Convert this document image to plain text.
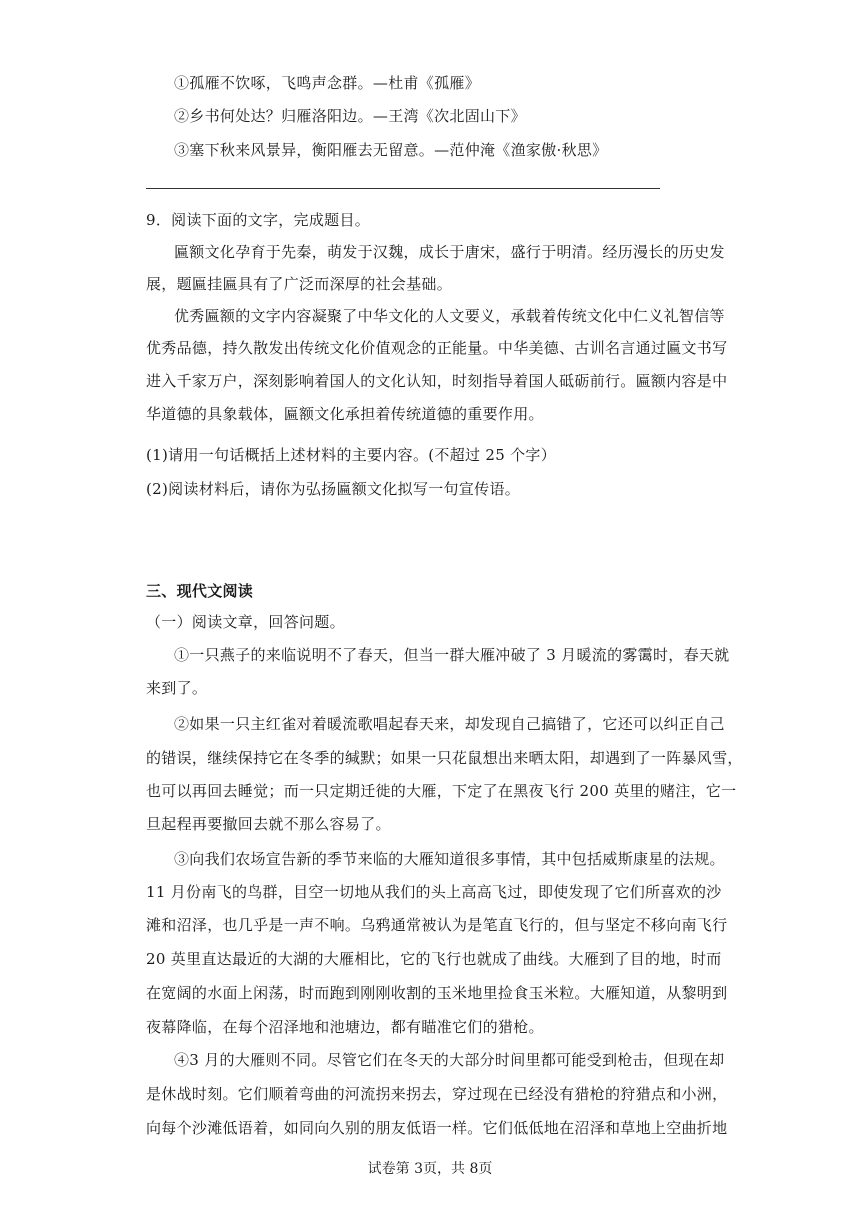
①孤雁不饮啄，飞鸣声念群。—杜甫《孤雁》
②乡书何处达？归雁洛阳边。—王湾《次北固山下》
③塞下秋来风景异，衡阳雁去无留意。—范仲淹《渔家傲·秋思》
9．阅读下面的文字，完成题目。
匾额文化孕育于先秦，萌发于汉魏，成长于唐宋，盛行于明清。经历漫长的历史发
展，题匾挂匾具有了广泛而深厚的社会基础。
优秀匾额的文字内容凝聚了中华文化的人文要义，承载着传统文化中仁义礼智信等
优秀品德，持久散发出传统文化价值观念的正能量。中华美德、古训名言通过匾文书写
进入千家万户，深刻影响着国人的文化认知，时刻指导着国人砥砺前行。匾额内容是中
华道德的具象载体，匾额文化承担着传统道德的重要作用。
(1)请用一句话概括上述材料的主要内容。(不超过 25 个字）
(2)阅读材料后，请你为弘扬匾额文化拟写一句宣传语。
三、现代文阅读
（一）阅读文章，回答问题。
①一只燕子的来临说明不了春天，但当一群大雁冲破了 3 月暖流的雾霭时，春天就
来到了。
②如果一只主红雀对着暖流歌唱起春天来，却发现自己搞错了，它还可以纠正自己
的错误，继续保持它在冬季的缄默；如果一只花鼠想出来晒太阳，却遇到了一阵暴风雪，
也可以再回去睡觉；而一只定期迁徙的大雁，下定了在黑夜飞行 200 英里的赌注，它一
旦起程再要撤回去就不那么容易了。
③向我们农场宣告新的季节来临的大雁知道很多事情，其中包括威斯康星的法规。
11 月份南飞的鸟群，目空一切地从我们的头上高高飞过，即使发现了它们所喜欢的沙
滩和沼泽，也几乎是一声不响。乌鸦通常被认为是笔直飞行的，但与坚定不移向南飞行
20 英里直达最近的大湖的大雁相比，它的飞行也就成了曲线。大雁到了目的地，时而
在宽阔的水面上闲荡，时而跑到刚刚收割的玉米地里捡食玉米粒。大雁知道，从黎明到
夜幕降临，在每个沼泽地和池塘边，都有瞄准它们的猎枪。
④3 月的大雁则不同。尽管它们在冬天的大部分时间里都可能受到枪击，但现在却
是休战时刻。它们顺着弯曲的河流拐来拐去，穿过现在已经没有猎枪的狩猎点和小洲，
向每个沙滩低语着，如同向久别的朋友低语一样。它们低低地在沼泽和草地上空曲折地
试卷第 3页，共 8页
